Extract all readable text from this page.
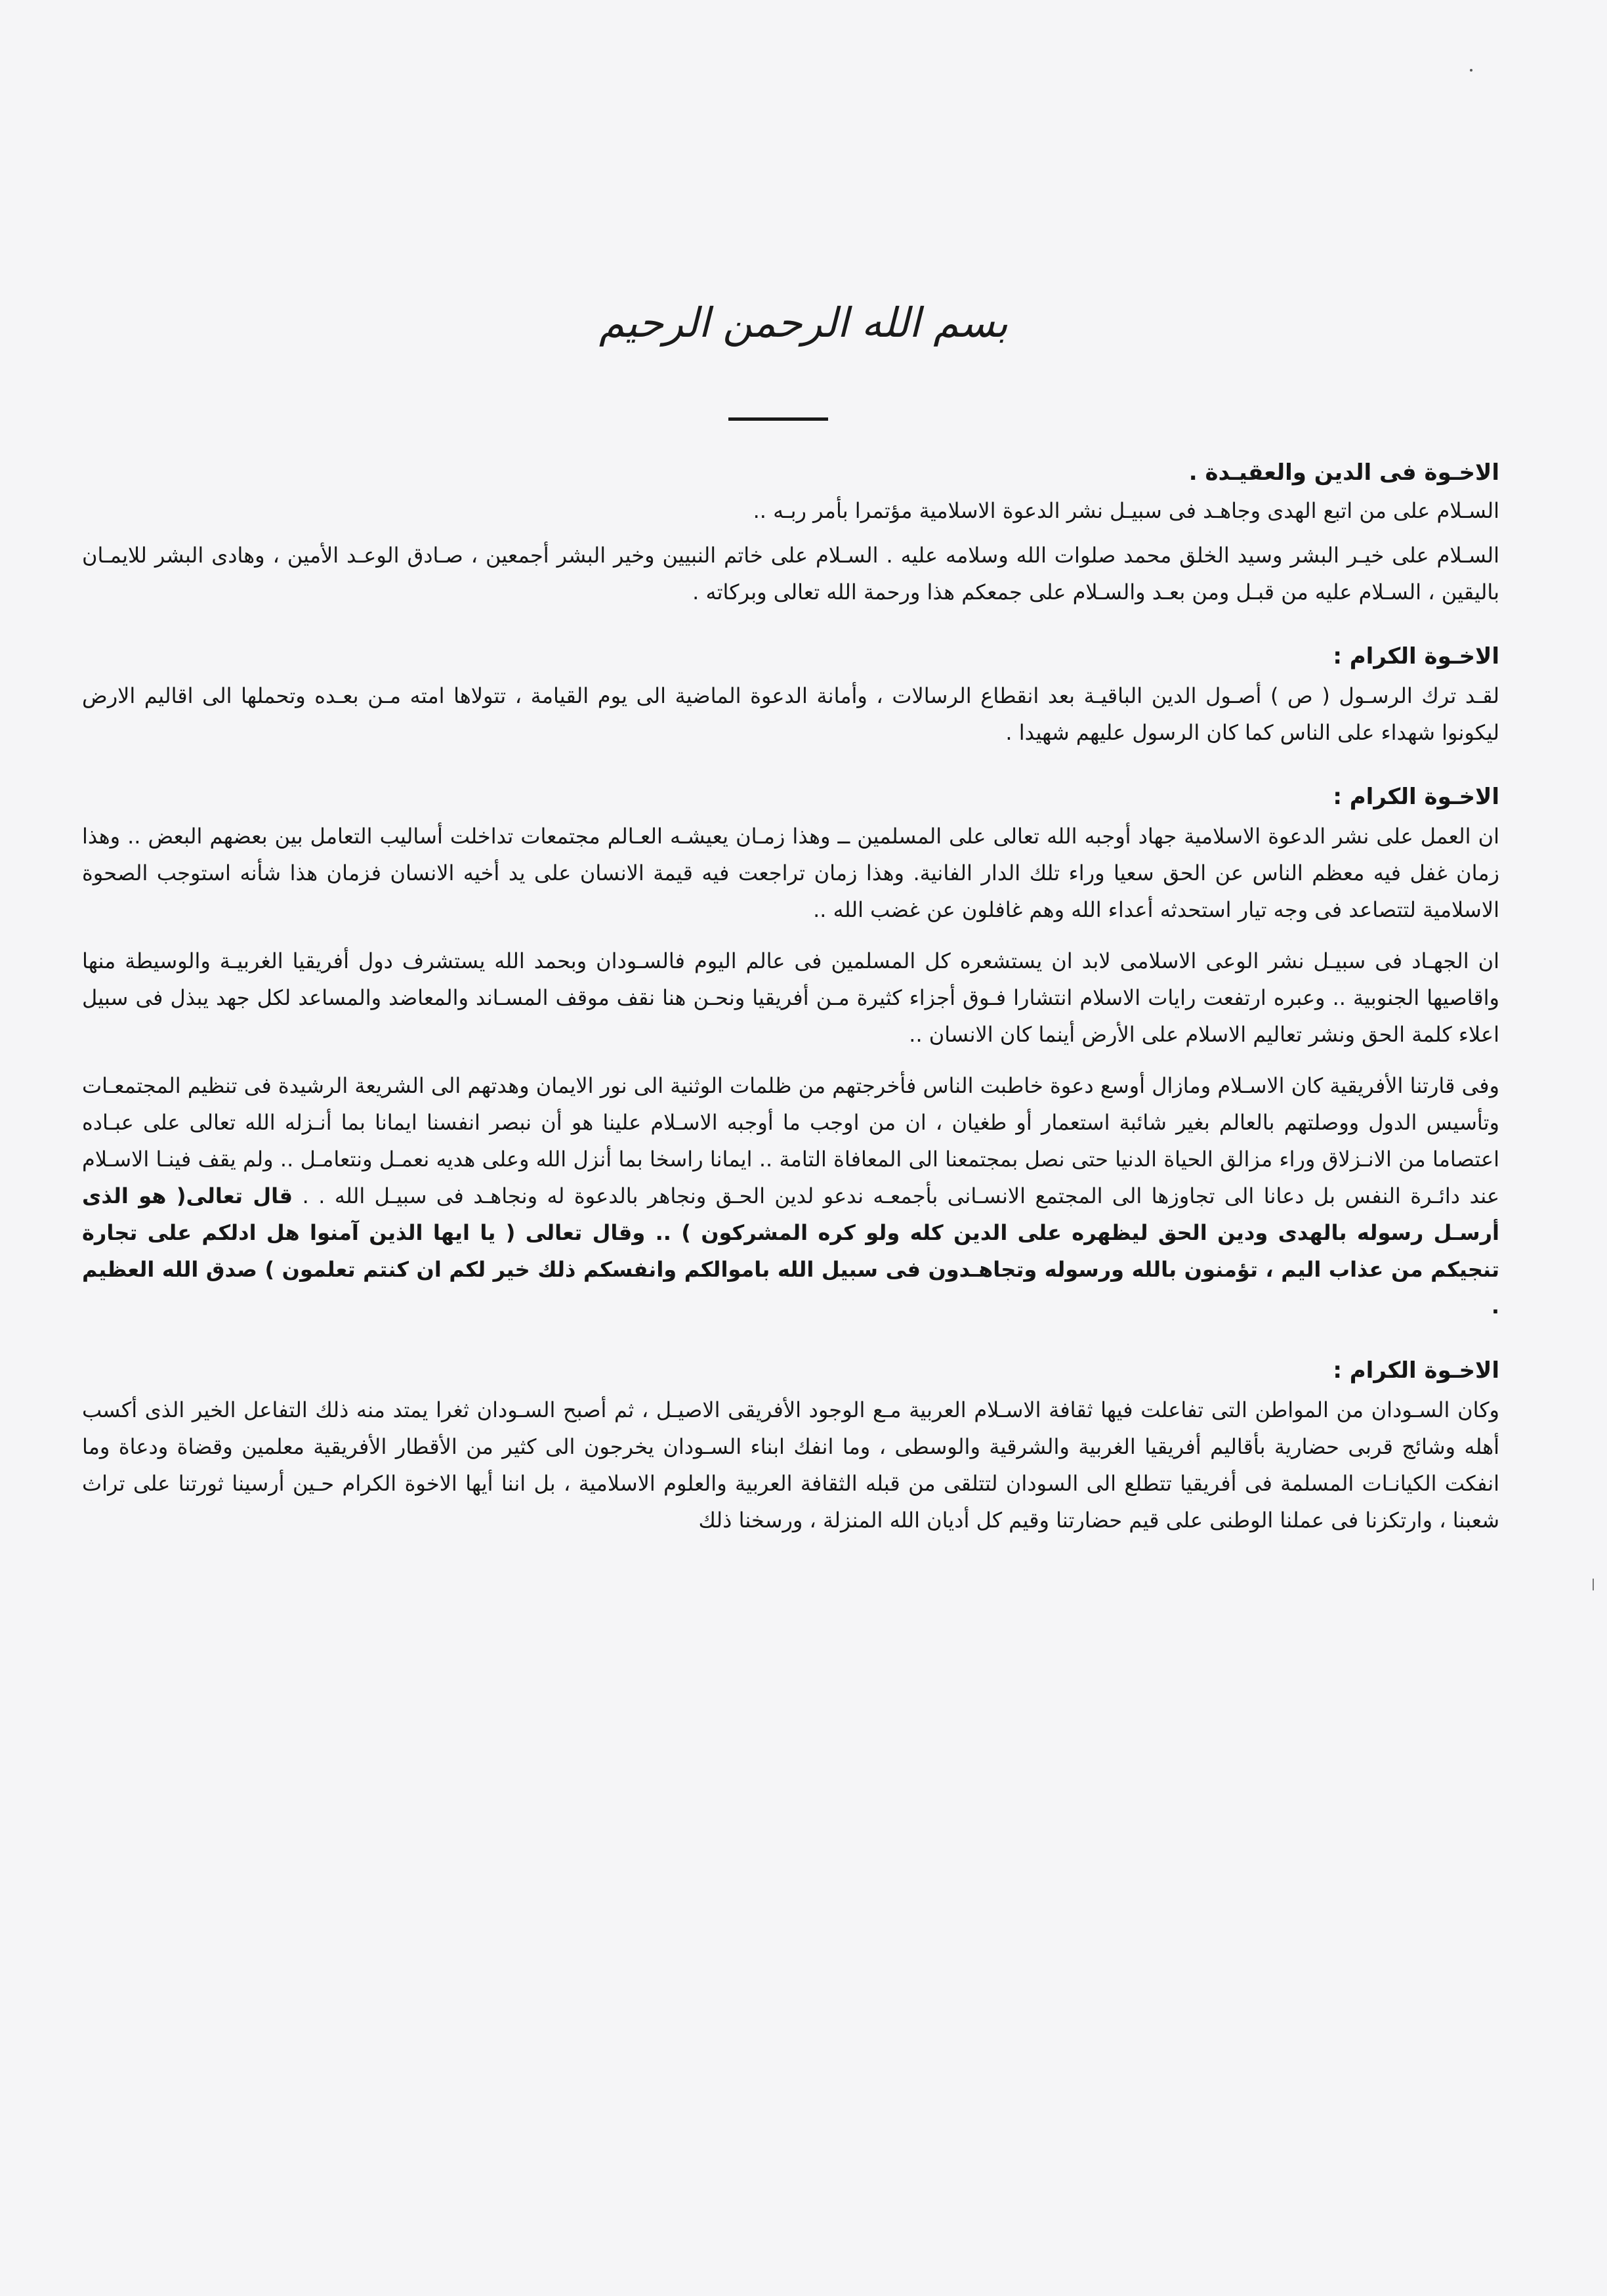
بسم الله الرحمن الرحيم
الاخـوة فى الدين والعقيـدة .

السـلام على من اتبع الهدى وجاهـد فى سبيـل نشر الدعوة الاسلامية مؤتمرا بأمر ربـه ..

السـلام على خيـر البشر وسيد الخلق محمد صلوات الله وسلامه عليه . السـلام على خاتم النبيين وخير البشر أجمعين ، صـادق الوعـد الأمين ، وهادى البشر للايمـان باليقين ، السـلام عليه من قبـل ومن بعـد والسـلام على جمعكم هذا ورحمة الله تعالى وبركاته .

الاخـوة الكرام :

لقـد ترك الرسـول ( ص ) أصـول الدين الباقيـة بعد انقطاع الرسالات ، وأمانة الدعوة الماضية الى يوم القيامة ، تتولاها امته مـن بعـده وتحملها الى اقاليم الارض ليكونوا شهداء على الناس كما كان الرسول عليهم شهيدا .

الاخـوة الكرام :

ان العمل على نشر الدعوة الاسلامية جهاد أوجبه الله تعالى على المسلمين ــ وهذا زمـان يعيشـه العـالم مجتمعات تداخلت أساليب التعامل بين بعضهم البعض .. وهذا زمان غفل فيه معظم الناس عن الحق سعيا وراء تلك الدار الفانية. وهذا زمان تراجعت فيه قيمة الانسان على يد أخيه الانسان فزمان هذا شأنه استوجب الصحوة الاسلامية لتتصاعد فى وجه تيار استحدثه أعداء الله وهم غافلون عن غضب الله ..

ان الجهـاد فى سبيـل نشر الوعى الاسلامى لابد ان يستشعره كل المسلمين فى عالم اليوم فالسـودان وبحمد الله يستشرف دول أفريقيا الغربيـة والوسيطة منها واقاصيها الجنوبية .. وعبره ارتفعت رايات الاسلام انتشارا فـوق أجزاء كثيرة مـن أفريقيا ونحـن هنا نقف موقف المسـاند والمعاضد والمساعد لكل جهد يبذل فى سبيل اعلاء كلمة الحق ونشر تعاليم الاسلام على الأرض أينما كان الانسان ..

وفى قارتنا الأفريقية كان الاسـلام ومازال أوسع دعوة خاطبت الناس فأخرجتهم من ظلمات الوثنية الى نور الايمان وهدتهم الى الشريعة الرشيدة فى تنظيم المجتمعـات وتأسيس الدول ووصلتهم بالعالم بغير شائبة استعمار أو طغيان ، ان من اوجب ما أوجبه الاسـلام علينا هو أن نبصر انفسنا ايمانا بما أنـزله الله تعالى على عبـاده اعتصاما من الانـزلاق وراء مزالق الحياة الدنيا حتى نصل بمجتمعنا الى المعافاة التامة .. ايمانا راسخا بما أنزل الله وعلى هديه نعمـل ونتعامـل .. ولم يقف فينـا الاسـلام عند دائـرة النفس بل دعانا الى تجاوزها الى المجتمع الانسـانى بأجمعـه ندعو لدين الحـق ونجاهر بالدعوة له ونجاهـد فى سبيـل الله . . قال تعالى( هو الذى أرسـل رسوله بالهدى ودين الحق ليظهره على الدين كله ولو كره المشركون ) .. وقال تعالى ( يا ايها الذين آمنوا هل ادلكم على تجارة تنجيكم من عذاب اليم ، تؤمنون بالله ورسوله وتجاهـدون فى سبيل الله باموالكم وانفسكم ذلك خير لكم ان كنتم تعلمون ) صدق الله العظيم .

الاخـوة الكرام :

وكان السـودان من المواطن التى تفاعلت فيها ثقافة الاسـلام العربية مـع الوجود الأفريقى الاصيـل ، ثم أصبح السـودان ثغرا يمتد منه ذلك التفاعل الخير الذى أكسب أهله وشائج قربى حضارية بأقاليم أفريقيا الغربية والشرقية والوسطى ، وما انفك ابناء السـودان يخرجون الى كثير من الأقطار الأفريقية معلمين وقضاة ودعاة وما انفكت الكيانـات المسلمة فى أفريقيا تتطلع الى السودان لتتلقى من قبله الثقافة العربية والعلوم الاسلامية ، بل اننا أيها الاخوة الكرام حـين أرسينا ثورتنا على تراث شعبنا ، وارتكزنا فى عملنا الوطنى على قيم حضارتنا وقيم كل أديان الله المنزلة ، ورسخنا ذلك
